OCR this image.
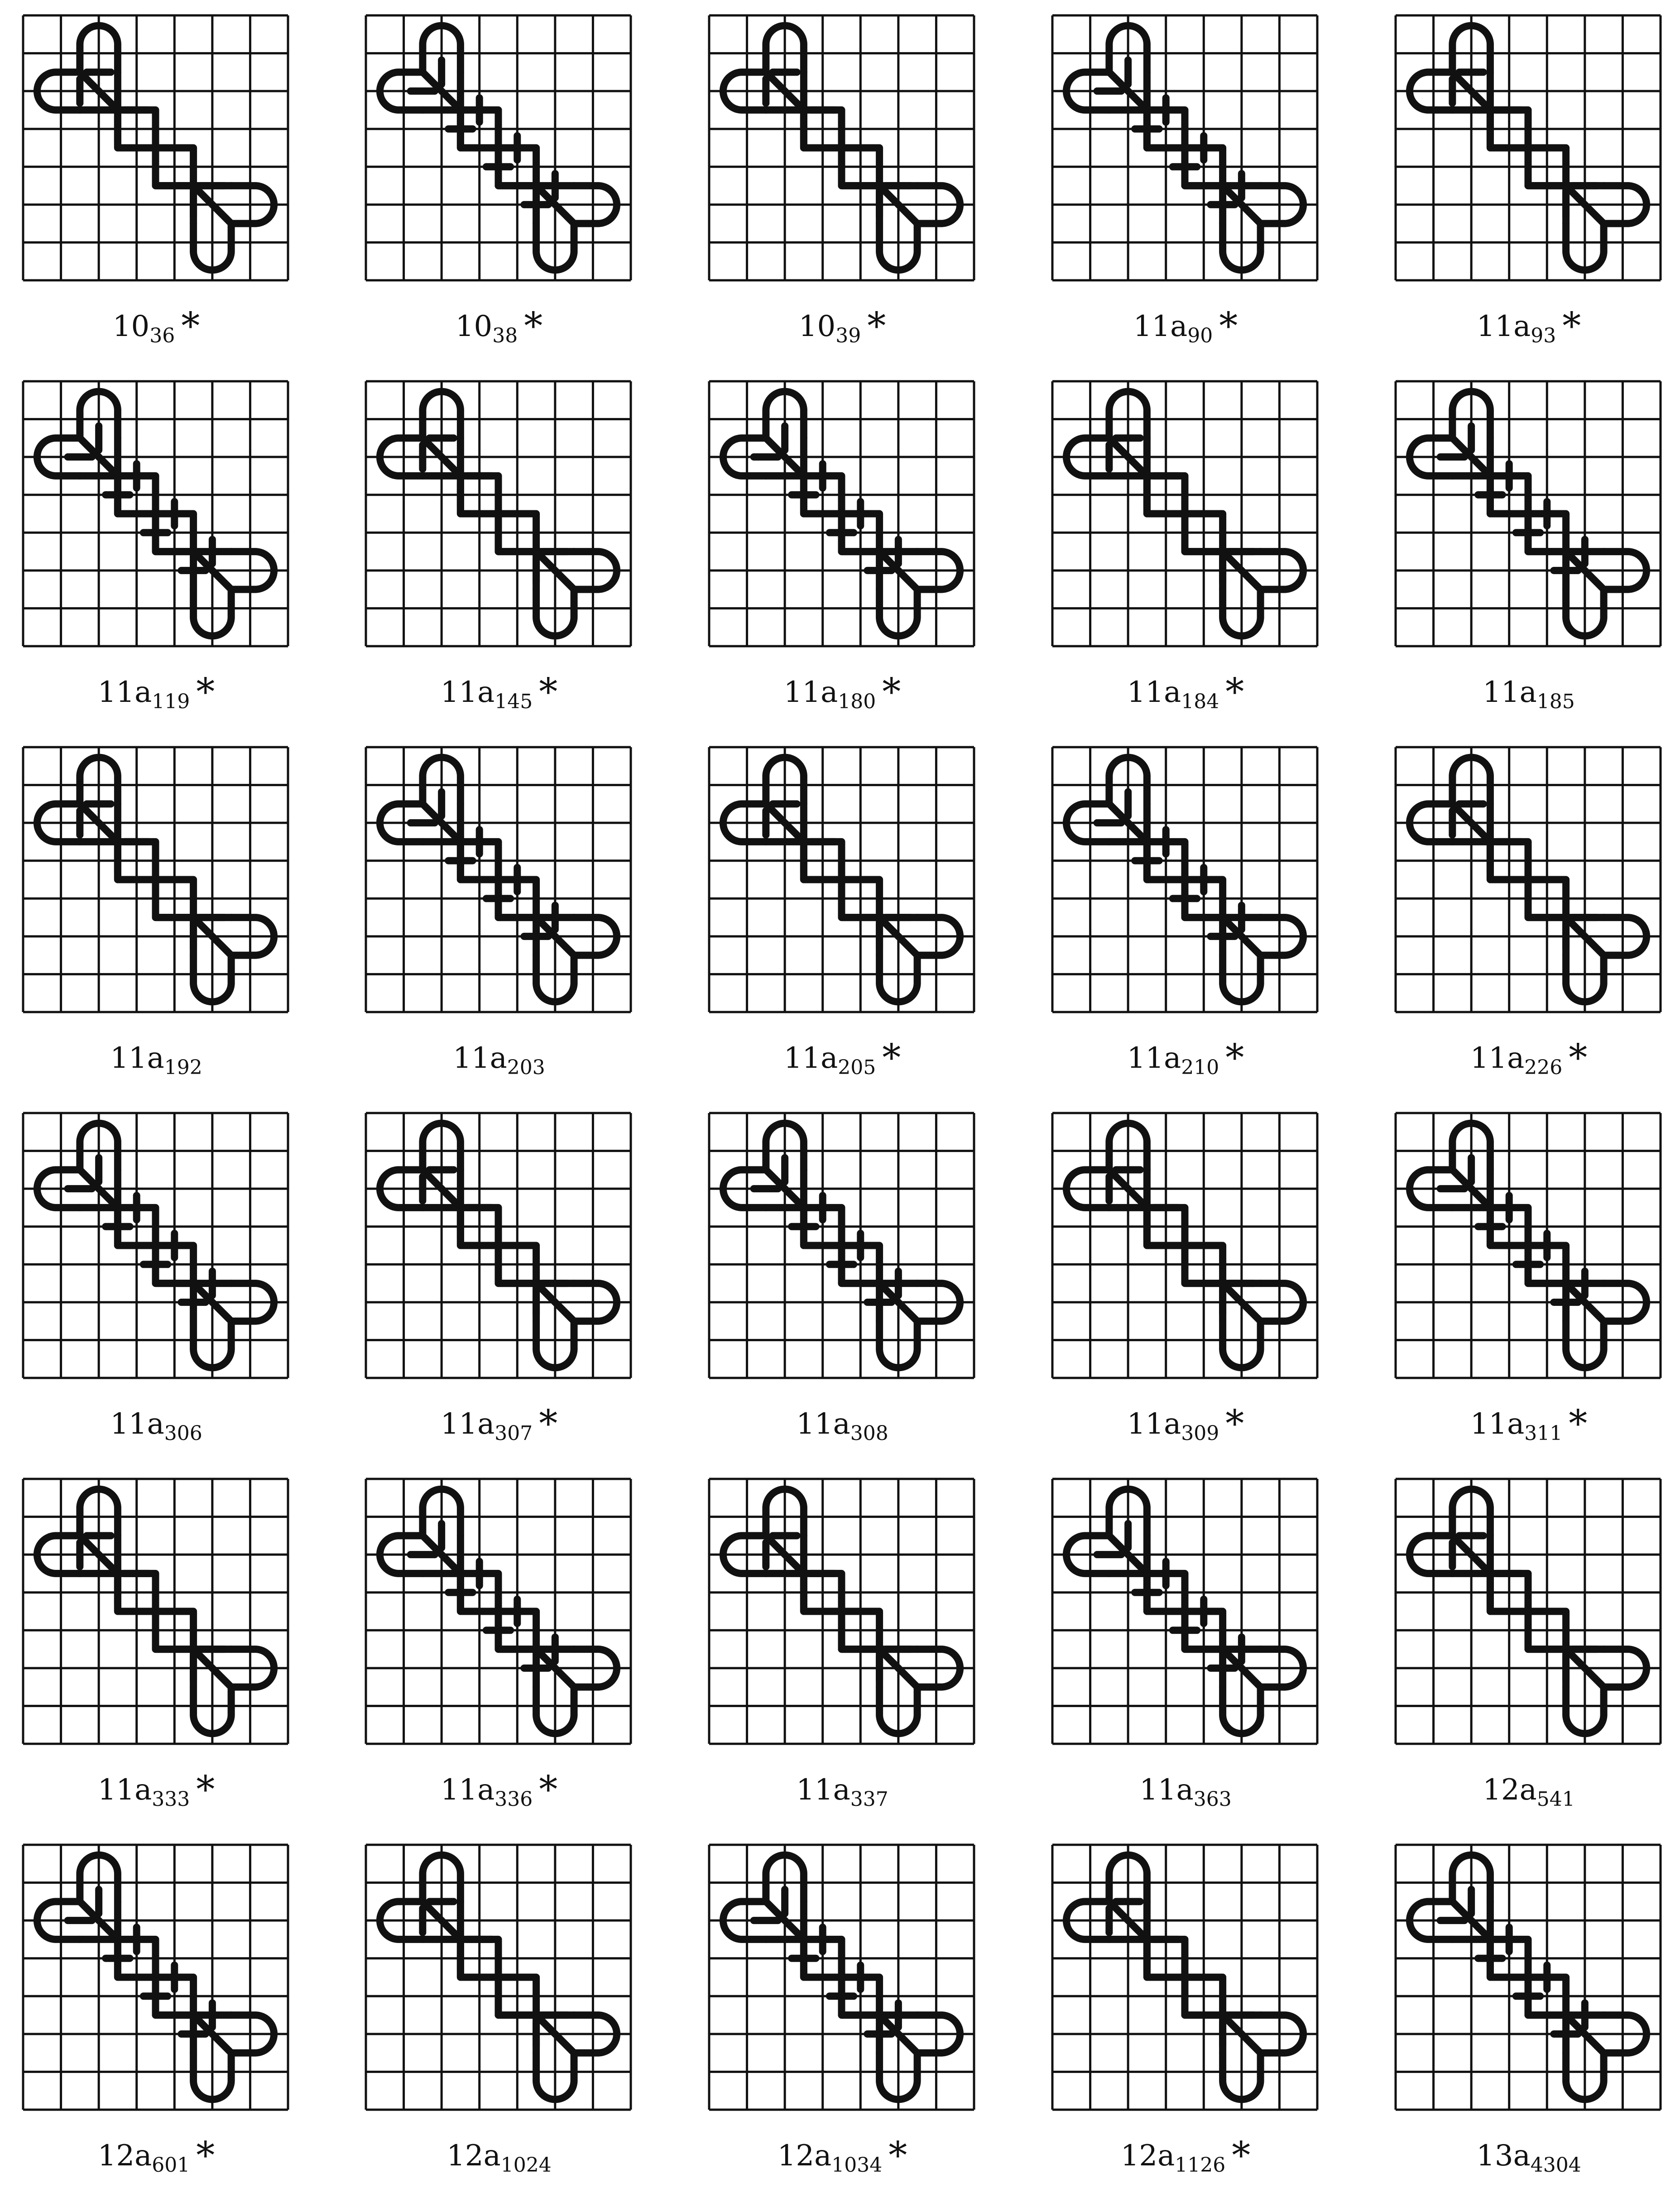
$10_{36}$ *	$10_{38}$ *	$10_{39}$ *	$11a_{90}$ *	$11a_{93}$ *
$11a_{119}$ *	$11a_{145}$ *	$11a_{180}$ *	$11a_{184}$ *	$11a_{185}$
$11a_{192}$	$11a_{203}$	$11a_{205}$ *	$11a_{210}$ *	$11a_{226}$ *
$11a_{306}$	$11a_{307}$ *	$11a_{308}$	$11a_{309}$ *	$11a_{311}$ *
$11a_{333}$ *	$11a_{336}$ *	$11a_{337}$	$11a_{363}$	$12a_{541}$
$12a_{601}$ *	$12a_{1024}$	$12a_{1034}$ *	$12a_{1126}$ *	$13a_{4304}$
